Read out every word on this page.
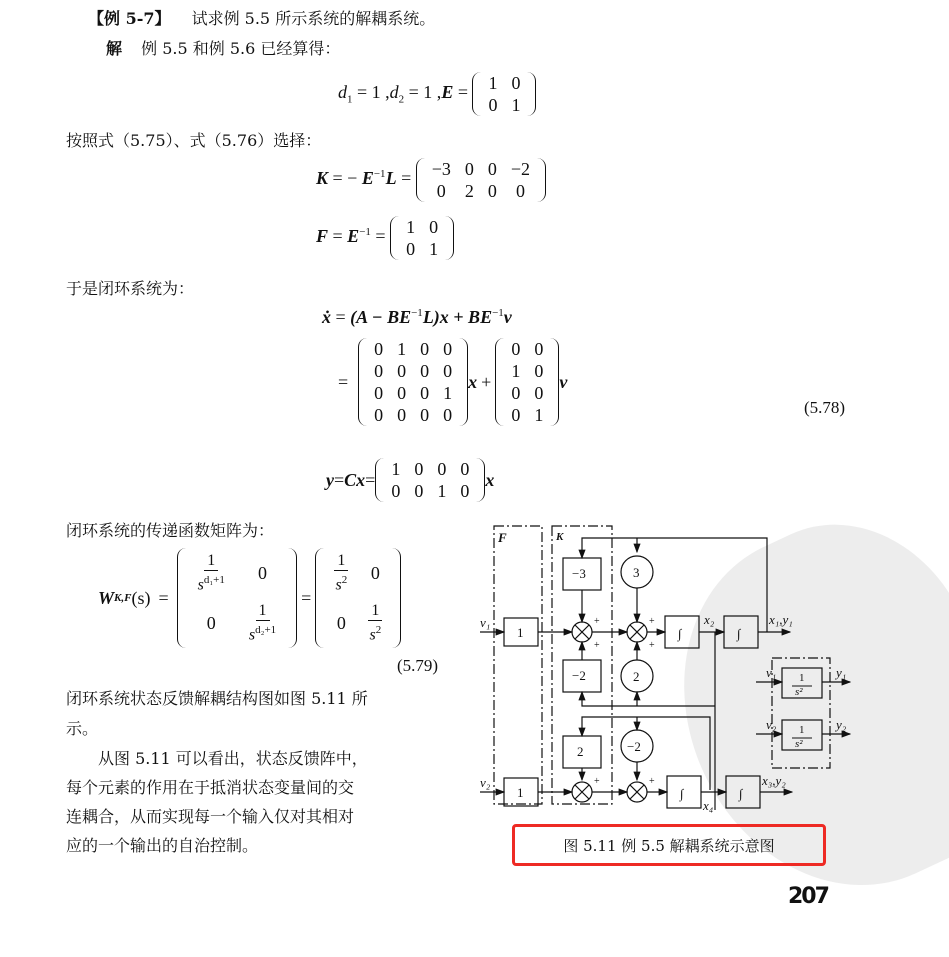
【例 5-7】 试求例 5.5 所示系统的解耦系统。
解 例 5.5 和例 5.6 已经算得：
$d_1 = 1$ $,d_2 = 1$ ,E = 1	0
0	1
按照式（5.75）、式（5.76）选择：
K = − $E^{-1}L = -3$	0	0	−2
0	2	0	0
$F = E^{-1} = 1$	0
0	1
于是闭环系统为：
ẋ = $(A - BE^{-1}L)x + BE^{-1}v$
=
0	1	0	0
0	0	0	0
0	0	0	1
0	0	0	0
x +
0	0
1	0
0	0
0	1
v
(5.78)
y = Cx =
1	0	0	0
0	0	1	0
x
闭环系统的传递函数矩阵为：
W K,F (s) =
$\frac{1}{s^{d_1+1}}$	0
0	$\frac{1}{s^{d_2+1}}$
=
$\frac{1}{s^2}$	0
0	$\frac{1}{s^2}$
(5.79)
闭环系统状态反馈解耦结构图如图 5.11 所
示。
从图 5.11 可以看出，状态反馈阵中，
每个元素的作用在于抵消状态变量间的交
连耦合，从而实现每一个输入仅对其相对
应的一个输出的自治控制。
F	K
v₁
v₂
1
1
−3
−2
2
3
2
−2
∫	∫
∫	∫
x₂
x₄
x₁,y₁
x₃,y₂
+
+
+
+
+	+
v₁
v₂
y₁
y₂
1
s²
1
s²
图 5.11 例 5.5 解耦系统示意图
207
